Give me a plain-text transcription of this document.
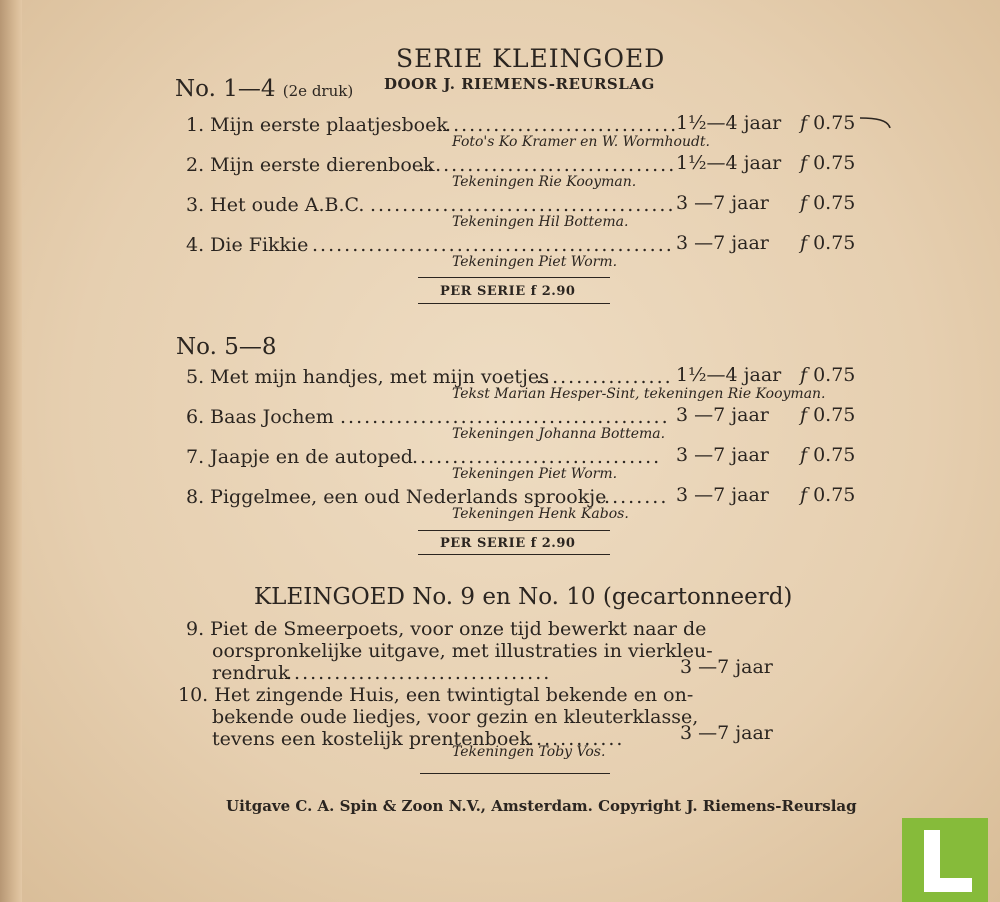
SERIE KLEINGOED
DOOR J. RIEMENS-REURSLAG
No. 1—4 (2e druk)
1. Mijn eerste plaatjesboek
..............................
1½—4 jaar f 0.75
Foto's Ko Kramer en W. Wormhoudt.
2. Mijn eerste dierenboek
................................ 1½—4 jaar f 0.75
Tekeningen Rie Kooyman.
3. Het oude A.B.C. ...................................... 3 —7 jaar f 0.75
Tekeningen Hil Bottema.
4. Die Fikkie ............................................. 3 —7 jaar f 0.75
Tekeningen Piet Worm.
PER SERIE f 2.90
No. 5—8
5. Met mijn handjes, met mijn voetjes
................. 1½—4 jaar f 0.75
Tekst Marian Hesper-Sint, tekeningen Rie Kooyman.
6. Baas Jochem ......................................... 3 —7 jaar f 0.75
Tekeningen Johanna Bottema.
7. Jaapje en de autoped ............................... 3 —7 jaar f 0.75
Tekeningen Piet Worm.
8. Piggelmee, een oud Nederlands sprookje
......... 3 —7 jaar f 0.75
Tekeningen Henk Kabos.
PER SERIE f 2.90
KLEINGOED No. 9 en No. 10 (gecartonneerd)
9. Piet de Smeerpoets, voor onze tijd bewerkt naar de
oorspronkelijke uitgave, met illustraties in vierkleu-
rendruk
.................................	3 —7 jaar
10. Het zingende Huis, een twintigtal bekende en on-
bekende oude liedjes, voor gezin en kleuterklasse,
tevens een kostelijk prentenboek
............	3 —7 jaar
Tekeningen Toby Vos.
Uitgave C. A. Spin & Zoon N.V., Amsterdam. Copyright J. Riemens-Reurslag
